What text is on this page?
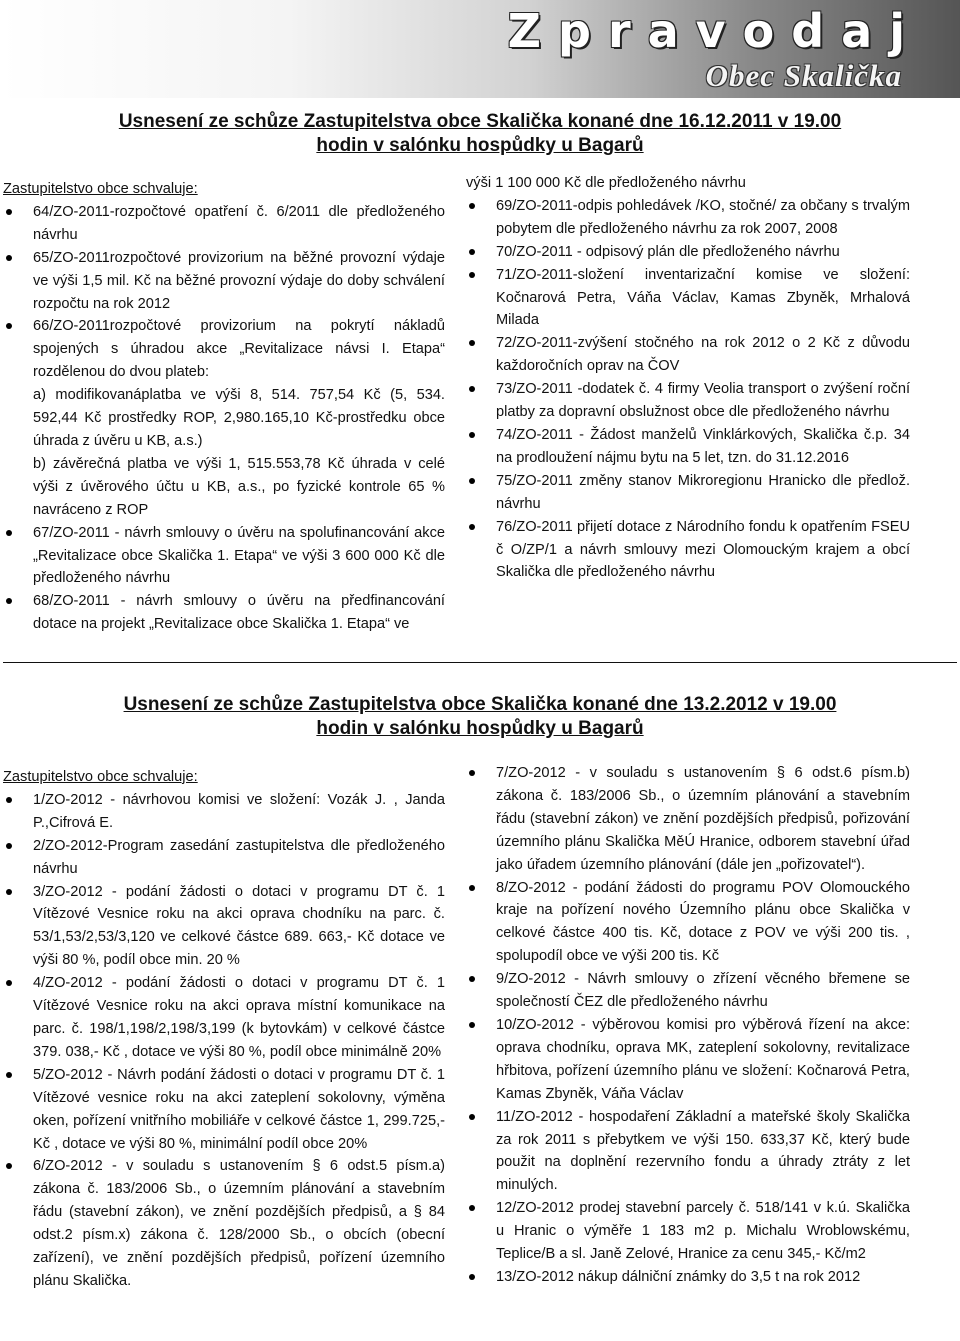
Zpravodaj
Obec Skalička
Usnesení ze schůze Zastupitelstva obce Skalička konané dne 16.12.2011 v 19.00
hodin v salónku hospůdky u Bagarů

Zastupitelstvo obce schvaluje:

64/ZO-2011-rozpočtové opatření č. 6/2011 dle předloženého návrhu

65/ZO-2011rozpočtové provizorium na běžné provozní výdaje ve výši 1,5 mil. Kč na běžné provozní výdaje do doby schválení rozpočtu na rok 2012

66/ZO-2011rozpočtové provizorium na pokrytí nákladů spojených s úhradou akce „Revitalizace návsi I. Etapa“ rozdělenou do dvou plateb:

a) modifikovanáplatba ve výši 8, 514. 757,54 Kč (5, 534. 592,44 Kč prostředky ROP, 2,980.165,10 Kč-prostředku obce úhrada z úvěru u KB, a.s.)

b) závěrečná platba ve výši 1, 515.553,78 Kč úhrada v celé výši z úvěrového účtu u KB, a.s., po fyzické kontrole 65 % navráceno z ROP

67/ZO-2011 - návrh smlouvy o úvěru na spolufinancování akce „Revitalizace obce Skalička 1. Etapa“ ve výši 3 600 000 Kč dle předloženého návrhu

68/ZO-2011 - návrh smlouvy o úvěru na předfinancování dotace na projekt „Revitalizace obce Skalička 1. Etapa“ ve

výši 1 100 000 Kč dle předloženého návrhu

69/ZO-2011-odpis pohledávek /KO, stočné/ za občany s trvalým pobytem dle předloženého návrhu za rok 2007, 2008

70/ZO-2011 - odpisový plán dle předloženého návrhu

71/ZO-2011-složení inventarizační komise ve složení: Kočnarová Petra, Váňa Václav, Kamas Zbyněk, Mrhalová Milada

72/ZO-2011-zvýšení stočného na rok 2012 o 2 Kč z důvodu každoročních oprav na ČOV

73/ZO-2011 -dodatek č. 4 firmy Veolia transport o zvýšení roční platby za dopravní obslužnost obce dle předloženého návrhu

74/ZO-2011 - Žádost manželů Vinklárkových, Skalička č.p. 34 na prodloužení nájmu bytu na 5 let, tzn. do 31.12.2016

75/ZO-2011 změny stanov Mikroregionu Hranicko dle předlož. návrhu

76/ZO-2011 přijetí dotace z Národního fondu k opatřením FSEU č O/ZP/1 a návrh smlouvy mezi Olomouckým krajem a obcí Skalička dle předloženého návrhu

Usnesení ze schůze Zastupitelstva obce Skalička konané dne 13.2.2012 v 19.00
hodin v salónku hospůdky u Bagarů

Zastupitelstvo obce schvaluje:

1/ZO-2012 - návrhovou komisi ve složení: Vozák J. , Janda P.,Cifrová E.

2/ZO-2012-Program zasedání zastupitelstva dle předloženého návrhu

3/ZO-2012 - podání žádosti o dotaci v programu DT č. 1 Vítězové Vesnice roku na akci oprava chodníku na parc. č. 53/1,53/2,53/3,120 ve celkové částce 689. 663,- Kč dotace ve výši 80 %, podíl obce min. 20 %

4/ZO-2012 - podání žádosti o dotaci v programu DT č. 1 Vítězové Vesnice roku na akci oprava místní komunikace na parc. č. 198/1,198/2,198/3,199 (k bytovkám) v celkové částce 379. 038,- Kč , dotace ve výši 80 %, podíl obce minimálně 20%

5/ZO-2012 - Návrh podání žádosti o dotaci v programu DT č. 1 Vítězové vesnice roku na akci zateplení sokolovny, výměna oken, pořízení vnitřního mobiliáře v celkové částce 1, 299.725,- Kč , dotace ve výši 80 %, minimální podíl obce 20%

6/ZO-2012 - v souladu s ustanovením § 6 odst.5 písm.a) zákona č. 183/2006 Sb., o územním plánování a stavebním řádu (stavební zákon), ve znění pozdějších předpisů, a § 84 odst.2 písm.x) zákona č. 128/2000 Sb., o obcích (obecní zařízení), ve znění pozdějších předpisů, pořízení územního plánu Skalička.

7/ZO-2012 - v souladu s ustanovením § 6 odst.6 písm.b) zákona č. 183/2006 Sb., o územním plánování a stavebním řádu (stavební zákon) ve znění pozdějších předpisů, pořizování územního plánu Skalička MěÚ Hranice, odborem stavební úřad jako úřadem územního plánování (dále jen „pořizovatel“).

8/ZO-2012 - podání žádosti do programu POV Olomouckého kraje na pořízení nového Územního plánu obce Skalička v celkové částce 400 tis. Kč, dotace z POV ve výši 200 tis. , spolupodíl obce ve výši 200 tis. Kč

9/ZO-2012 - Návrh smlouvy o zřízení věcného břemene se společností ČEZ dle předloženého návrhu

10/ZO-2012 - výběrovou komisi pro výběrová řízení na akce: oprava chodníku, oprava MK, zateplení sokolovny, revitalizace hřbitova, pořízení územního plánu ve složení: Kočnarová Petra, Kamas Zbyněk, Váňa Václav

11/ZO-2012 - hospodaření Základní a mateřské školy Skalička za rok 2011 s přebytkem ve výši 150. 633,37 Kč, který bude použit na doplnění rezervního fondu a úhrady ztráty z let minulých.

12/ZO-2012 prodej stavební parcely č. 518/141 v k.ú. Skalička u Hranic o výměře 1 183 m2 p. Michalu Wroblowskému, Teplice/B a sl. Janě Zelové, Hranice za cenu 345,- Kč/m2

13/ZO-2012 nákup dálniční známky do 3,5 t na rok 2012
